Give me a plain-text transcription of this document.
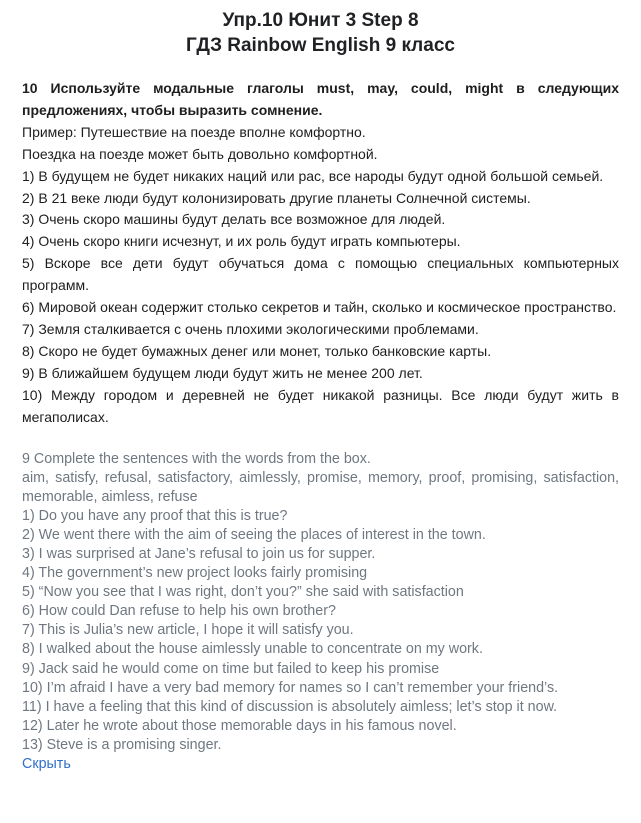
Упр.10 Юнит 3 Step 8
ГДЗ Rainbow English 9 класс

10 Используйте модальные глаголы must, may, could, might в следующих предложениях, чтобы выразить сомнение.

Пример: Путешествие на поезде вполне комфортно.

Поездка на поезде может быть довольно комфортной.

1) В будущем не будет никаких наций или рас, все народы будут одной большой семьей.

2) В 21 веке люди будут колонизировать другие планеты Солнечной системы.

3) Очень скоро машины будут делать все возможное для людей.

4) Очень скоро книги исчезнут, и их роль будут играть компьютеры.

5) Вскоре все дети будут обучаться дома с помощью специальных компьютерных программ.

6) Мировой океан содержит столько секретов и тайн, сколько и космическое пространство.

7) Земля сталкивается с очень плохими экологическими проблемами.

8) Скоро не будет бумажных денег или монет, только банковские карты.

9) В ближайшем будущем люди будут жить не менее 200 лет.

10) Между городом и деревней не будет никакой разницы. Все люди будут жить в мегаполисах.

9 Complete the sentences with the words from the box.

aim, satisfy, refusal, satisfactory, aimlessly, promise, memory, proof, promising, satisfaction, memorable, aimless, refuse

1) Do you have any proof that this is true?

2) We went there with the aim of seeing the places of interest in the town.

3) I was surprised at Jane’s refusal to join us for supper.

4) The government’s new project looks fairly promising

5) “Now you see that I was right, don’t you?” she said with satisfaction

6) How could Dan refuse to help his own brother?

7) This is Julia’s new article, I hope it will satisfy you.

8) I walked about the house aimlessly unable to concentrate on my work.

9) Jack said he would come on time but failed to keep his promise

10) I’m afraid I have a very bad memory for names so I can’t remember your friend’s.

11) I have a feeling that this kind of discussion is absolutely aimless; let’s stop it now.

12) Later he wrote about those memorable days in his famous novel.

13) Steve is a promising singer.

Скрыть
